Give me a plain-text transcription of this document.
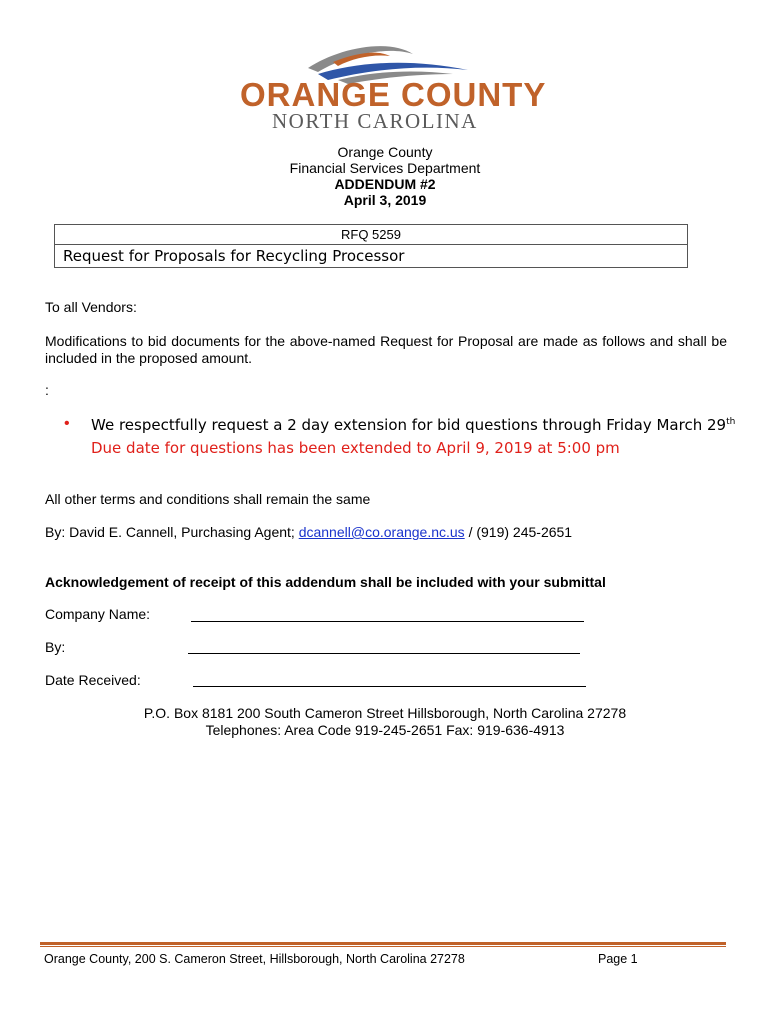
ORANGE COUNTY
NORTH CAROLINA
Orange County
Financial Services Department
ADDENDUM #2
April 3, 2019
RFQ 5259
Request for Proposals for Recycling Processor
To all Vendors:
Modifications to bid documents for the above-named Request for Proposal are made as follows and shall be included in the proposed amount.
:
• We respectfully request a 2 day extension for bid questions through Friday March 29th
Due date for questions has been extended to April 9, 2019 at 5:00 pm
All other terms and conditions shall remain the same
By: David E. Cannell, Purchasing Agent; dcannell@co.orange.nc.us / (919) 245-2651
Acknowledgement of receipt of this addendum shall be included with your submittal
Company Name:
By:
Date Received:
P.O. Box 8181 200 South Cameron Street Hillsborough, North Carolina 27278
Telephones: Area Code 919-245-2651 Fax: 919-636-4913
Orange County, 200 S. Cameron Street, Hillsborough, North Carolina 27278	Page 1
